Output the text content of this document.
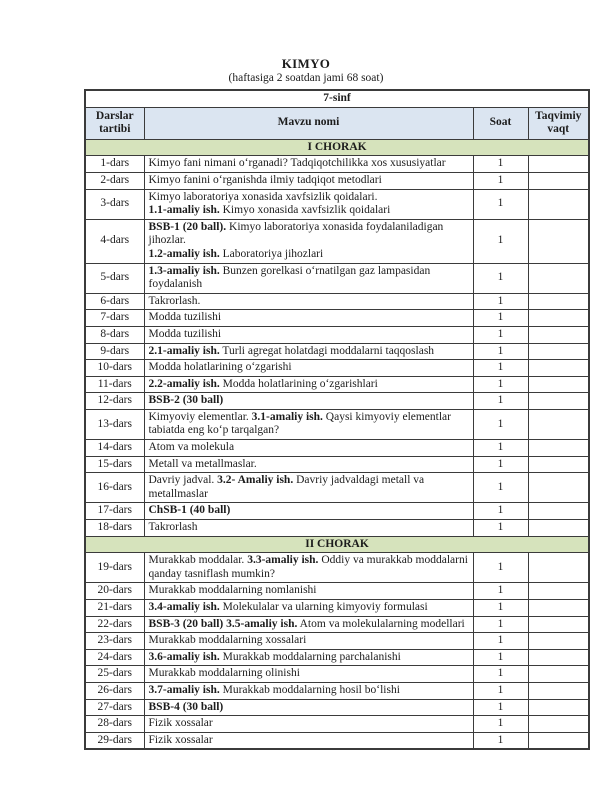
KIMYO
(haftasiga 2 soatdan jami 68 soat)
7-sinf			
Darslar tartibi	Mavzu nomi	Soat	Taqvimiy vaqt
I CHORAK			
1-dars	Kimyo fani nimani oʻrganadi? Tadqiqotchilikka xos xususiyatlar	1	
2-dars	Kimyo fanini oʻrganishda ilmiy tadqiqot metodlari	1	
3-dars	Kimyo laboratoriya xonasida xavfsizlik qoidalari.
1.1-amaliy ish. Kimyo xonasida xavfsizlik qoidalari	1	
4-dars	BSB-1 (20 ball). Kimyo laboratoriya xonasida foydalaniladigan jihozlar.
1.2-amaliy ish. Laboratoriya jihozlari	1	
5-dars	1.3-amaliy ish. Bunzen gorelkasi oʻrnatilgan gaz lampasidan foydalanish	1	
6-dars	Takrorlash.	1	
7-dars	Modda tuzilishi	1	
8-dars	Modda tuzilishi	1	
9-dars	2.1-amaliy ish. Turli agregat holatdagi moddalarni taqqoslash	1	
10-dars	Modda holatlarining oʻzgarishi	1	
11-dars	2.2-amaliy ish. Modda holatlarining oʻzgarishlari	1	
12-dars	BSB-2 (30 ball)	1	
13-dars	Kimyoviy elementlar. 3.1-amaliy ish. Qaysi kimyoviy elementlar tabiatda eng koʻp tarqalgan?	1	
14-dars	Atom va molekula	1	
15-dars	Metall va metallmaslar.	1	
16-dars	Davriy jadval. 3.2- Amaliy ish. Davriy jadvaldagi metall va metallmaslar	1	
17-dars	ChSB-1 (40 ball)	1	
18-dars	Takrorlash	1	
II CHORAK			
19-dars	Murakkab moddalar. 3.3-amaliy ish. Oddiy va murakkab moddalarni qanday tasniflash mumkin?	1	
20-dars	Murakkab moddalarning nomlanishi	1	
21-dars	3.4-amaliy ish. Molekulalar va ularning kimyoviy formulasi	1	
22-dars	BSB-3 (20 ball) 3.5-amaliy ish. Atom va molekulalarning modellari	1	
23-dars	Murakkab moddalarning xossalari	1	
24-dars	3.6-amaliy ish. Murakkab moddalarning parchalanishi	1	
25-dars	Murakkab moddalarning olinishi	1	
26-dars	3.7-amaliy ish. Murakkab moddalarning hosil boʻlishi	1	
27-dars	BSB-4 (30 ball)	1	
28-dars	Fizik xossalar	1	
29-dars	Fizik xossalar	1	
